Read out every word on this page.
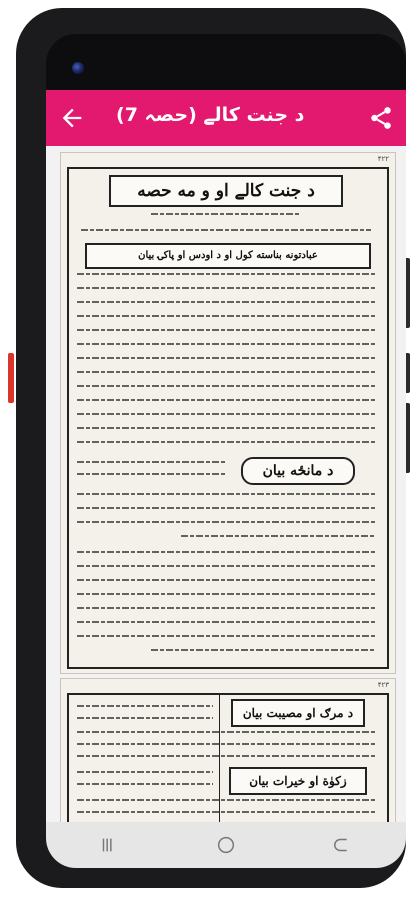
د جنت کالے (حصہ 7)
۴۲۲
د جنت کالے او و مه حصه
عبادتونه بناسته کول او د اودس او پاکۍ بيان
د مانځه بيان
۴۲۳
د مرګ او مصيبت بيان
زکوٰة او خيرات بيان
